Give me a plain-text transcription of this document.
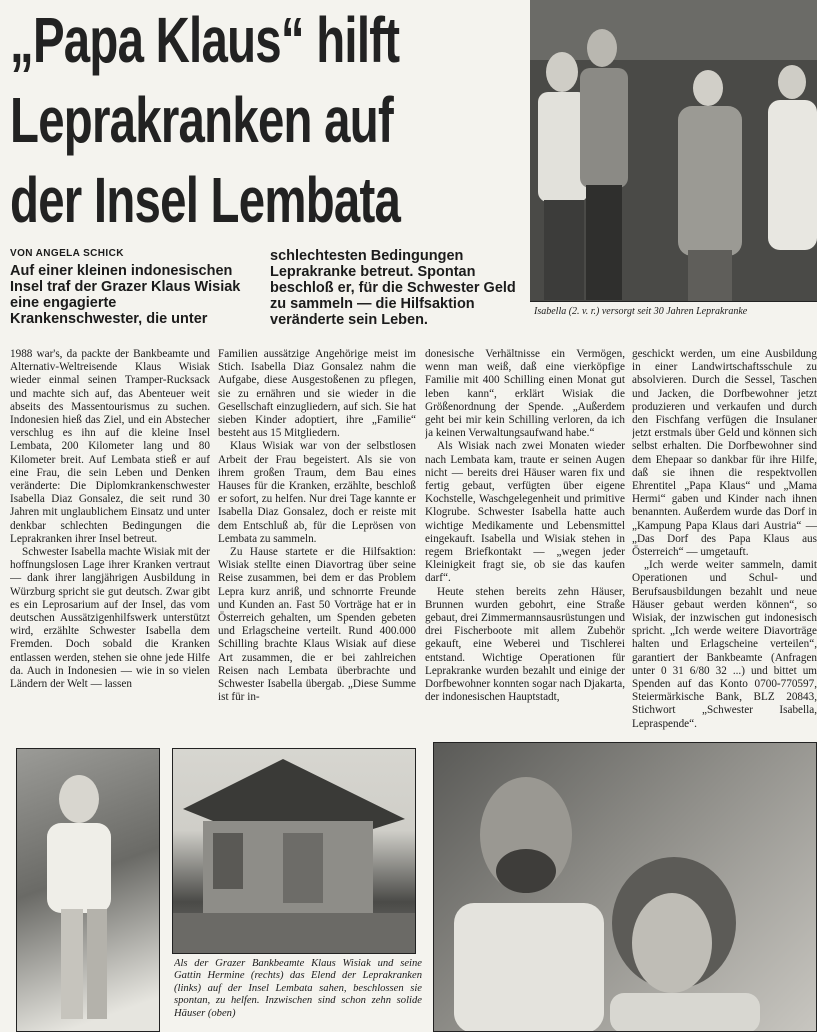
„Papa Klaus“ hilft
Leprakranken auf
der Insel Lembata
Isabella (2. v. r.) versorgt seit 30 Jahren Leprakranke
VON ANGELA SCHICK
Auf einer kleinen indonesischen Insel traf der Grazer Klaus Wisiak eine engagierte Krankenschwester, die unter
schlechtesten Bedingungen Leprakranke betreut. Spontan beschloß er, für die Schwester Geld zu sammeln — die Hilfsaktion veränderte sein Leben.

1988 war's, da packte der Bankbeamte und Alternativ-Weltreisende Klaus Wisiak wieder einmal seinen Tramper-Rucksack und machte sich auf, das Abenteuer weit abseits des Massentourismus zu suchen. Indonesien hieß das Ziel, und ein Abstecher verschlug es ihn auf die kleine Insel Lembata, 200 Kilometer lang und 80 Kilometer breit. Auf Lembata stieß er auf eine Frau, die sein Leben und Denken veränderte: Die Diplomkrankenschwester Isabella Diaz Gonsalez, die seit rund 30 Jahren mit unglaublichem Einsatz und unter denkbar schlechten Bedingungen die Leprakranken ihrer Insel betreut.

Schwester Isabella machte Wisiak mit der hoffnungslosen Lage ihrer Kranken vertraut — dank ihrer langjährigen Ausbildung in Würzburg spricht sie gut deutsch. Zwar gibt es ein Leprosarium auf der Insel, das vom deutschen Aussätzigenhilfswerk unterstützt wird, erzählte Schwester Isabella dem Fremden. Doch sobald die Kranken entlassen werden, stehen sie ohne jede Hilfe da. Auch in Indonesien — wie in so vielen Ländern der Welt — lassen

Familien aussätzige Angehörige meist im Stich. Isabella Diaz Gonsalez nahm die Aufgabe, diese Ausgestoßenen zu pflegen, sie zu ernähren und sie wieder in die Gesellschaft einzugliedern, auf sich. Sie hat sieben Kinder adoptiert, ihre „Familie“ besteht aus 15 Mitgliedern.

Klaus Wisiak war von der selbstlosen Arbeit der Frau begeistert. Als sie von ihrem großen Traum, dem Bau eines Hauses für die Kranken, erzählte, beschloß er sofort, zu helfen. Nur drei Tage kannte er Isabella Diaz Gonsalez, doch er reiste mit dem Entschluß ab, für die Leprösen von Lembata zu sammeln.

Zu Hause startete er die Hilfsaktion: Wisiak stellte einen Diavortrag über seine Reise zusammen, bei dem er das Problem Lepra kurz anriß, und schnorrte Freunde und Kunden an. Fast 50 Vorträge hat er in Österreich gehalten, um Spenden gebeten und Erlagscheine verteilt. Rund 400.000 Schilling brachte Klaus Wisiak auf diese Art zusammen, die er bei zahlreichen Reisen nach Lembata überbrachte und Schwester Isabella übergab. „Diese Summe ist für in-

donesische Verhältnisse ein Vermögen, wenn man weiß, daß eine vierköpfige Familie mit 400 Schilling einen Monat gut leben kann“, erklärt Wisiak die Größenordnung der Spende. „Außerdem geht bei mir kein Schilling verloren, da ich ja keinen Verwaltungsaufwand habe.“

Als Wisiak nach zwei Monaten wieder nach Lembata kam, traute er seinen Augen nicht — bereits drei Häuser waren fix und fertig gebaut, verfügten über eigene Kochstelle, Waschgelegenheit und primitive Klogrube. Schwester Isabella hatte auch wichtige Medikamente und Lebensmittel eingekauft. Isabella und Wisiak stehen in regem Briefkontakt — „wegen jeder Kleinigkeit fragt sie, ob sie das kaufen darf“.

Heute stehen bereits zehn Häuser, Brunnen wurden gebohrt, eine Straße gebaut, drei Zimmermannsausrüstungen und drei Fischerboote mit allem Zubehör gekauft, eine Weberei und Tischlerei entstand. Wichtige Operationen für Leprakranke wurden bezahlt und einige der Dorfbewohner konnten sogar nach Djakarta, der indonesischen Hauptstadt,

geschickt werden, um eine Ausbildung in einer Landwirtschaftsschule zu absolvieren. Durch die Sessel, Taschen und Jacken, die Dorfbewohner jetzt produzieren und verkaufen und durch den Fischfang verfügen die Insulaner jetzt erstmals über Geld und können sich selbst erhalten. Die Dorfbewohner sind dem Ehepaar so dankbar für ihre Hilfe, daß sie ihnen die respektvollen Ehrentitel „Papa Klaus“ und „Mama Hermi“ gaben und Kinder nach ihnen benannten. Außerdem wurde das Dorf in „Kampung Papa Klaus dari Austria“ — „Das Dorf des Papa Klaus aus Österreich“ — umgetauft.

„Ich werde weiter sammeln, damit Operationen und Schul- und Berufsausbildungen bezahlt und neue Häuser gebaut werden können“, so Wisiak, der inzwischen gut indonesisch spricht. „Ich werde weitere Diavorträge halten und Erlagscheine verteilen“, garantiert der Bankbeamte (Anfragen unter 0 31 6/80 32 ...) und bittet um Spenden auf das Konto 0700-770597, Steiermärkische Bank, BLZ 20843, Stichwort „Schwester Isabella, Lepraspende“.

Als der Grazer Bankbeamte Klaus Wisiak und seine Gattin Hermine (rechts) das Elend der Leprakranken (links) auf der Insel Lembata sahen, beschlossen sie spontan, zu helfen. Inzwischen sind schon zehn solide Häuser (oben)
